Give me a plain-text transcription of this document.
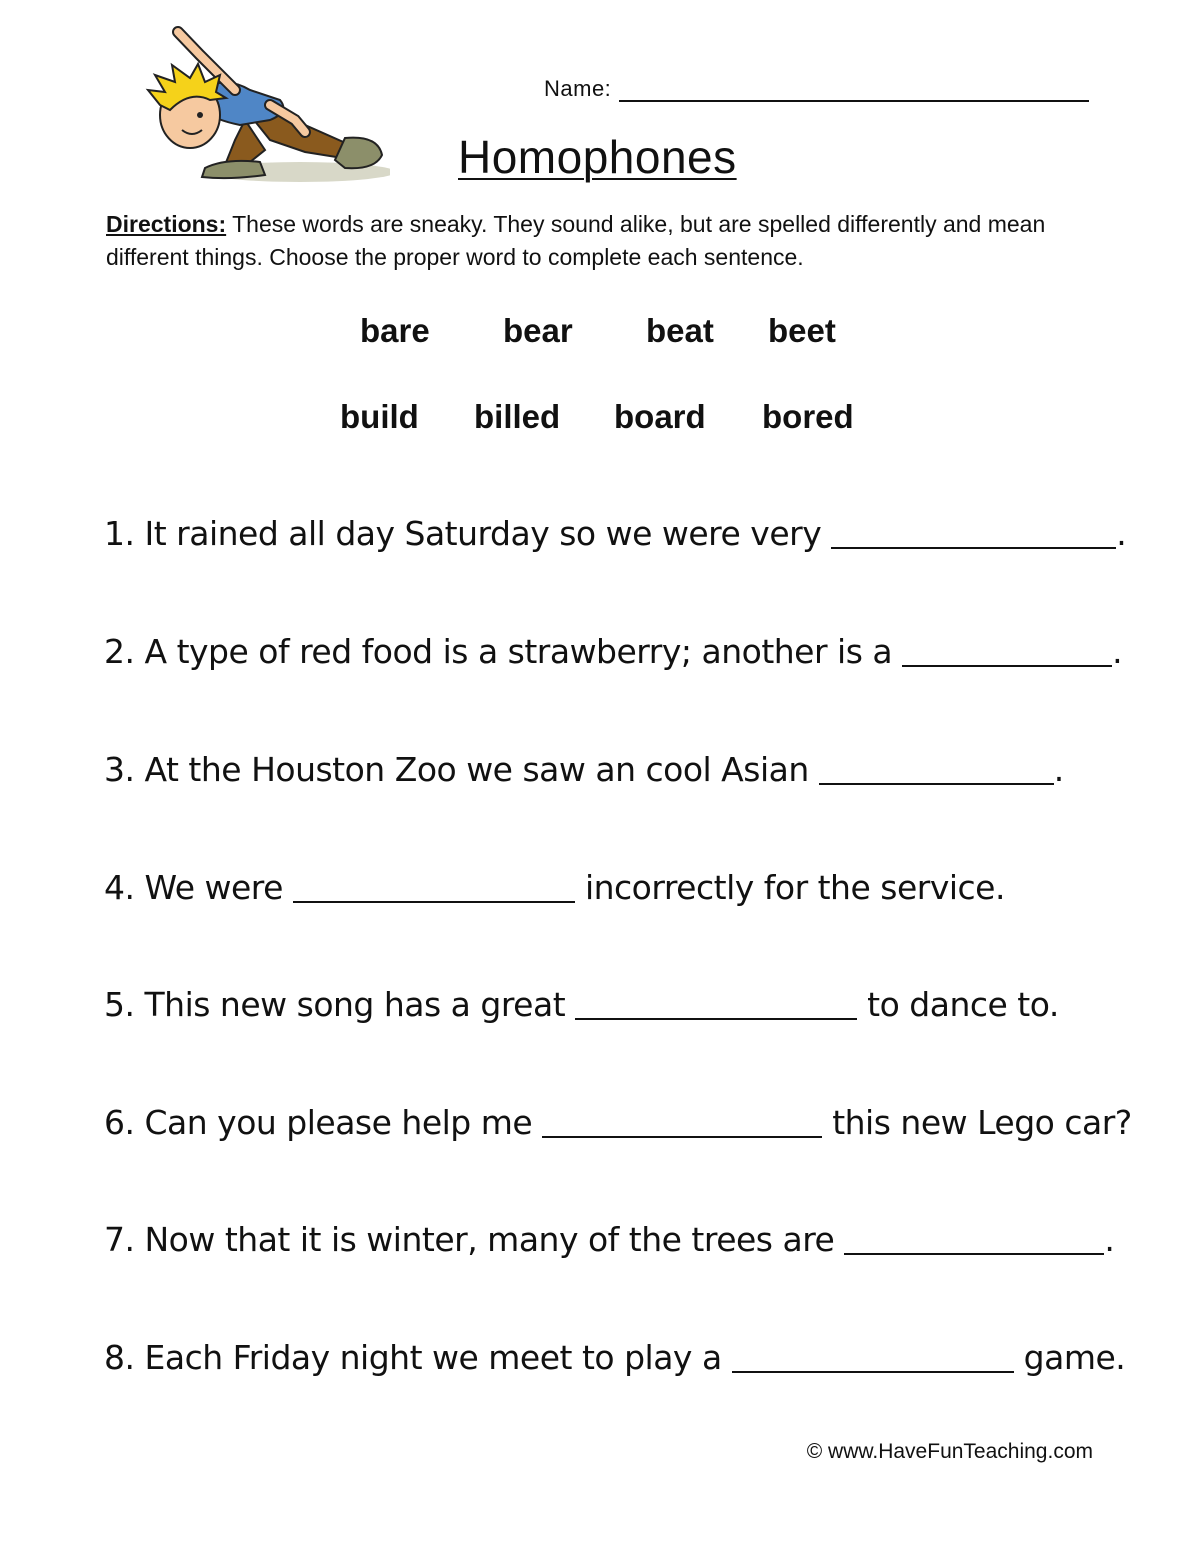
Name:
Homophones
Directions: These words are sneaky. They sound alike, but are spelled differently and mean different things. Choose the proper word to complete each sentence.
bare bear beat beet
build billed board bored
1.
It rained all day Saturday so we were very	.
2.
A type of red food is a strawberry; another is a	.
3.
At the Houston Zoo we saw an cool Asian	.
4.
We were	incorrectly for the service.
5.
This new song has a great	to dance to.
6.
Can you please help me	this new Lego car?
7.
Now that it is winter, many of the trees are	.
8.
Each Friday night we meet to play a	game.
© www.HaveFunTeaching.com
